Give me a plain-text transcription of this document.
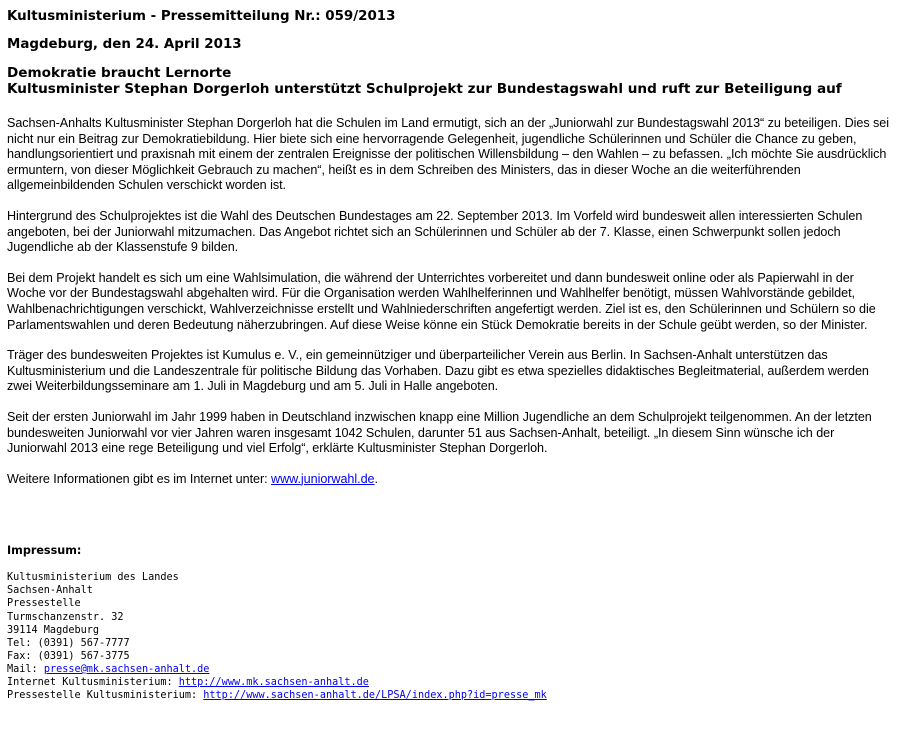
Kultusministerium - Pressemitteilung Nr.: 059/2013

Magdeburg, den 24. April 2013

Demokratie braucht Lernorte

Kultusminister Stephan Dorgerloh unterstützt Schulprojekt zur Bundestagswahl und ruft zur Beteiligung auf

Sachsen-Anhalts Kultusminister Stephan Dorgerloh hat die Schulen im Land ermutigt, sich an der „Juniorwahl zur Bundestagswahl 2013“ zu beteiligen. Dies sei nicht nur ein Beitrag zur Demokratiebildung. Hier biete sich eine hervorragende Gelegenheit, jugendliche Schülerinnen und Schüler die Chance zu geben, handlungsorientiert und praxisnah mit einem der zentralen Ereignisse der politischen Willensbildung – den Wahlen – zu befassen. „Ich möchte Sie ausdrücklich ermuntern, von dieser Möglichkeit Gebrauch zu machen“, heißt es in dem Schreiben des Ministers, das in dieser Woche an die weiterführenden allgemeinbildenden Schulen verschickt worden ist.

Hintergrund des Schulprojektes ist die Wahl des Deutschen Bundestages am 22. September 2013. Im Vorfeld wird bundesweit allen interessierten Schulen angeboten, bei der Juniorwahl mitzumachen. Das Angebot richtet sich an Schülerinnen und Schüler ab der 7. Klasse, einen Schwerpunkt sollen jedoch Jugendliche ab der Klassenstufe 9 bilden.

Bei dem Projekt handelt es sich um eine Wahlsimulation, die während der Unterrichtes vorbereitet und dann bundesweit online oder als Papierwahl in der Woche vor der Bundestagswahl abgehalten wird. Für die Organisation werden Wahlhelferinnen und Wahlhelfer benötigt, müssen Wahlvorstände gebildet, Wahlbenachrichtigungen verschickt, Wahlverzeichnisse erstellt und Wahlniederschriften angefertigt werden. Ziel ist es, den Schülerinnen und Schülern so die Parlamentswahlen und deren Bedeutung näherzubringen. Auf diese Weise könne ein Stück Demokratie bereits in der Schule geübt werden, so der Minister.

Träger des bundesweiten Projektes ist Kumulus e. V., ein gemeinnütziger und überparteilicher Verein aus Berlin. In Sachsen-Anhalt unterstützen das Kultusministerium und die Landeszentrale für politische Bildung das Vorhaben. Dazu gibt es etwa spezielles didaktisches Begleitmaterial, außerdem werden zwei Weiterbildungsseminare am 1. Juli in Magdeburg und am 5. Juli in Halle angeboten.

Seit der ersten Juniorwahl im Jahr 1999 haben in Deutschland inzwischen knapp eine Million Jugendliche an dem Schulprojekt teilgenommen. An der letzten bundesweiten Juniorwahl vor vier Jahren waren insgesamt 1042 Schulen, darunter 51 aus Sachsen-Anhalt, beteiligt. „In diesem Sinn wünsche ich der Juniorwahl 2013 eine rege Beteiligung und viel Erfolg“, erklärte Kultusminister Stephan Dorgerloh.

Weitere Informationen gibt es im Internet unter: www.juniorwahl.de.

Impressum:

Kultusministerium des Landes

Sachsen-Anhalt

Pressestelle

Turmschanzenstr. 32

39114 Magdeburg

Tel: (0391) 567-7777

Fax: (0391) 567-3775

Mail: presse@mk.sachsen-anhalt.de

Internet Kultusministerium: http://www.mk.sachsen-anhalt.de

Pressestelle Kultusministerium: http://www.sachsen-anhalt.de/LPSA/index.php?id=presse_mk
